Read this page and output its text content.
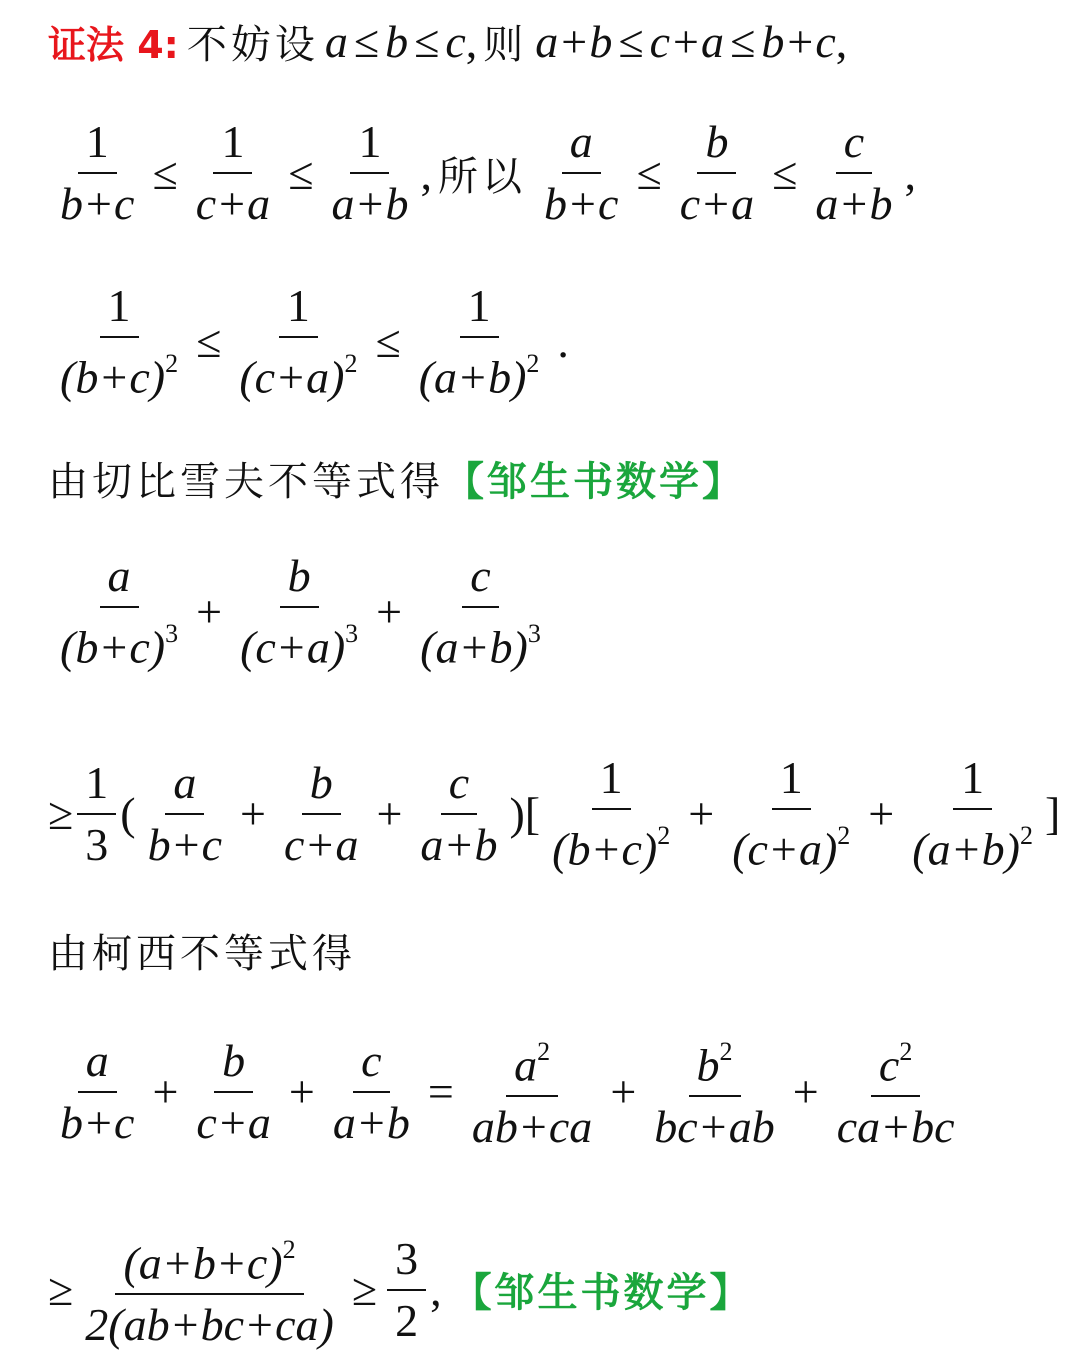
证法 4: 不妨设 a ≤ b ≤ c , 则 a+b ≤ c+a ≤ b+c ,
$\frac{1}{b+c} \le \frac{1}{c+a} \le \frac{1}{a+b}$ , 所以 $\frac{a}{b+c} \le \frac{b}{c+a} \le \frac{c}{a+b}$ ,
$\frac{1}{(b+c)^2} \le \frac{1}{(c+a)^2} \le \frac{1}{(a+b)^2}$ .
由切比雪夫不等式得 【邹生书数学】
$\frac{a}{(b+c)^3} + \frac{b}{(c+a)^3} + \frac{c}{(a+b)^3}$
≥ $\frac{1}{3}$ ( $\frac{a}{b+c} + \frac{b}{c+a} + \frac{c}{a+b}$ ) [ $\frac{1}{(b+c)^2} + \frac{1}{(c+a)^2} + \frac{1}{(a+b)^2}$ ]
由柯西不等式得
$\frac{a}{b+c} + \frac{b}{c+a} + \frac{c}{a+b} = \frac{a^2}{ab+ca} + \frac{b^2}{bc+ab} + \frac{c^2}{ca+bc}$
≥ $\frac{(a+b+c)^2}{2(ab+bc+ca)} \ge \frac{3}{2}$ , 【邹生书数学】
